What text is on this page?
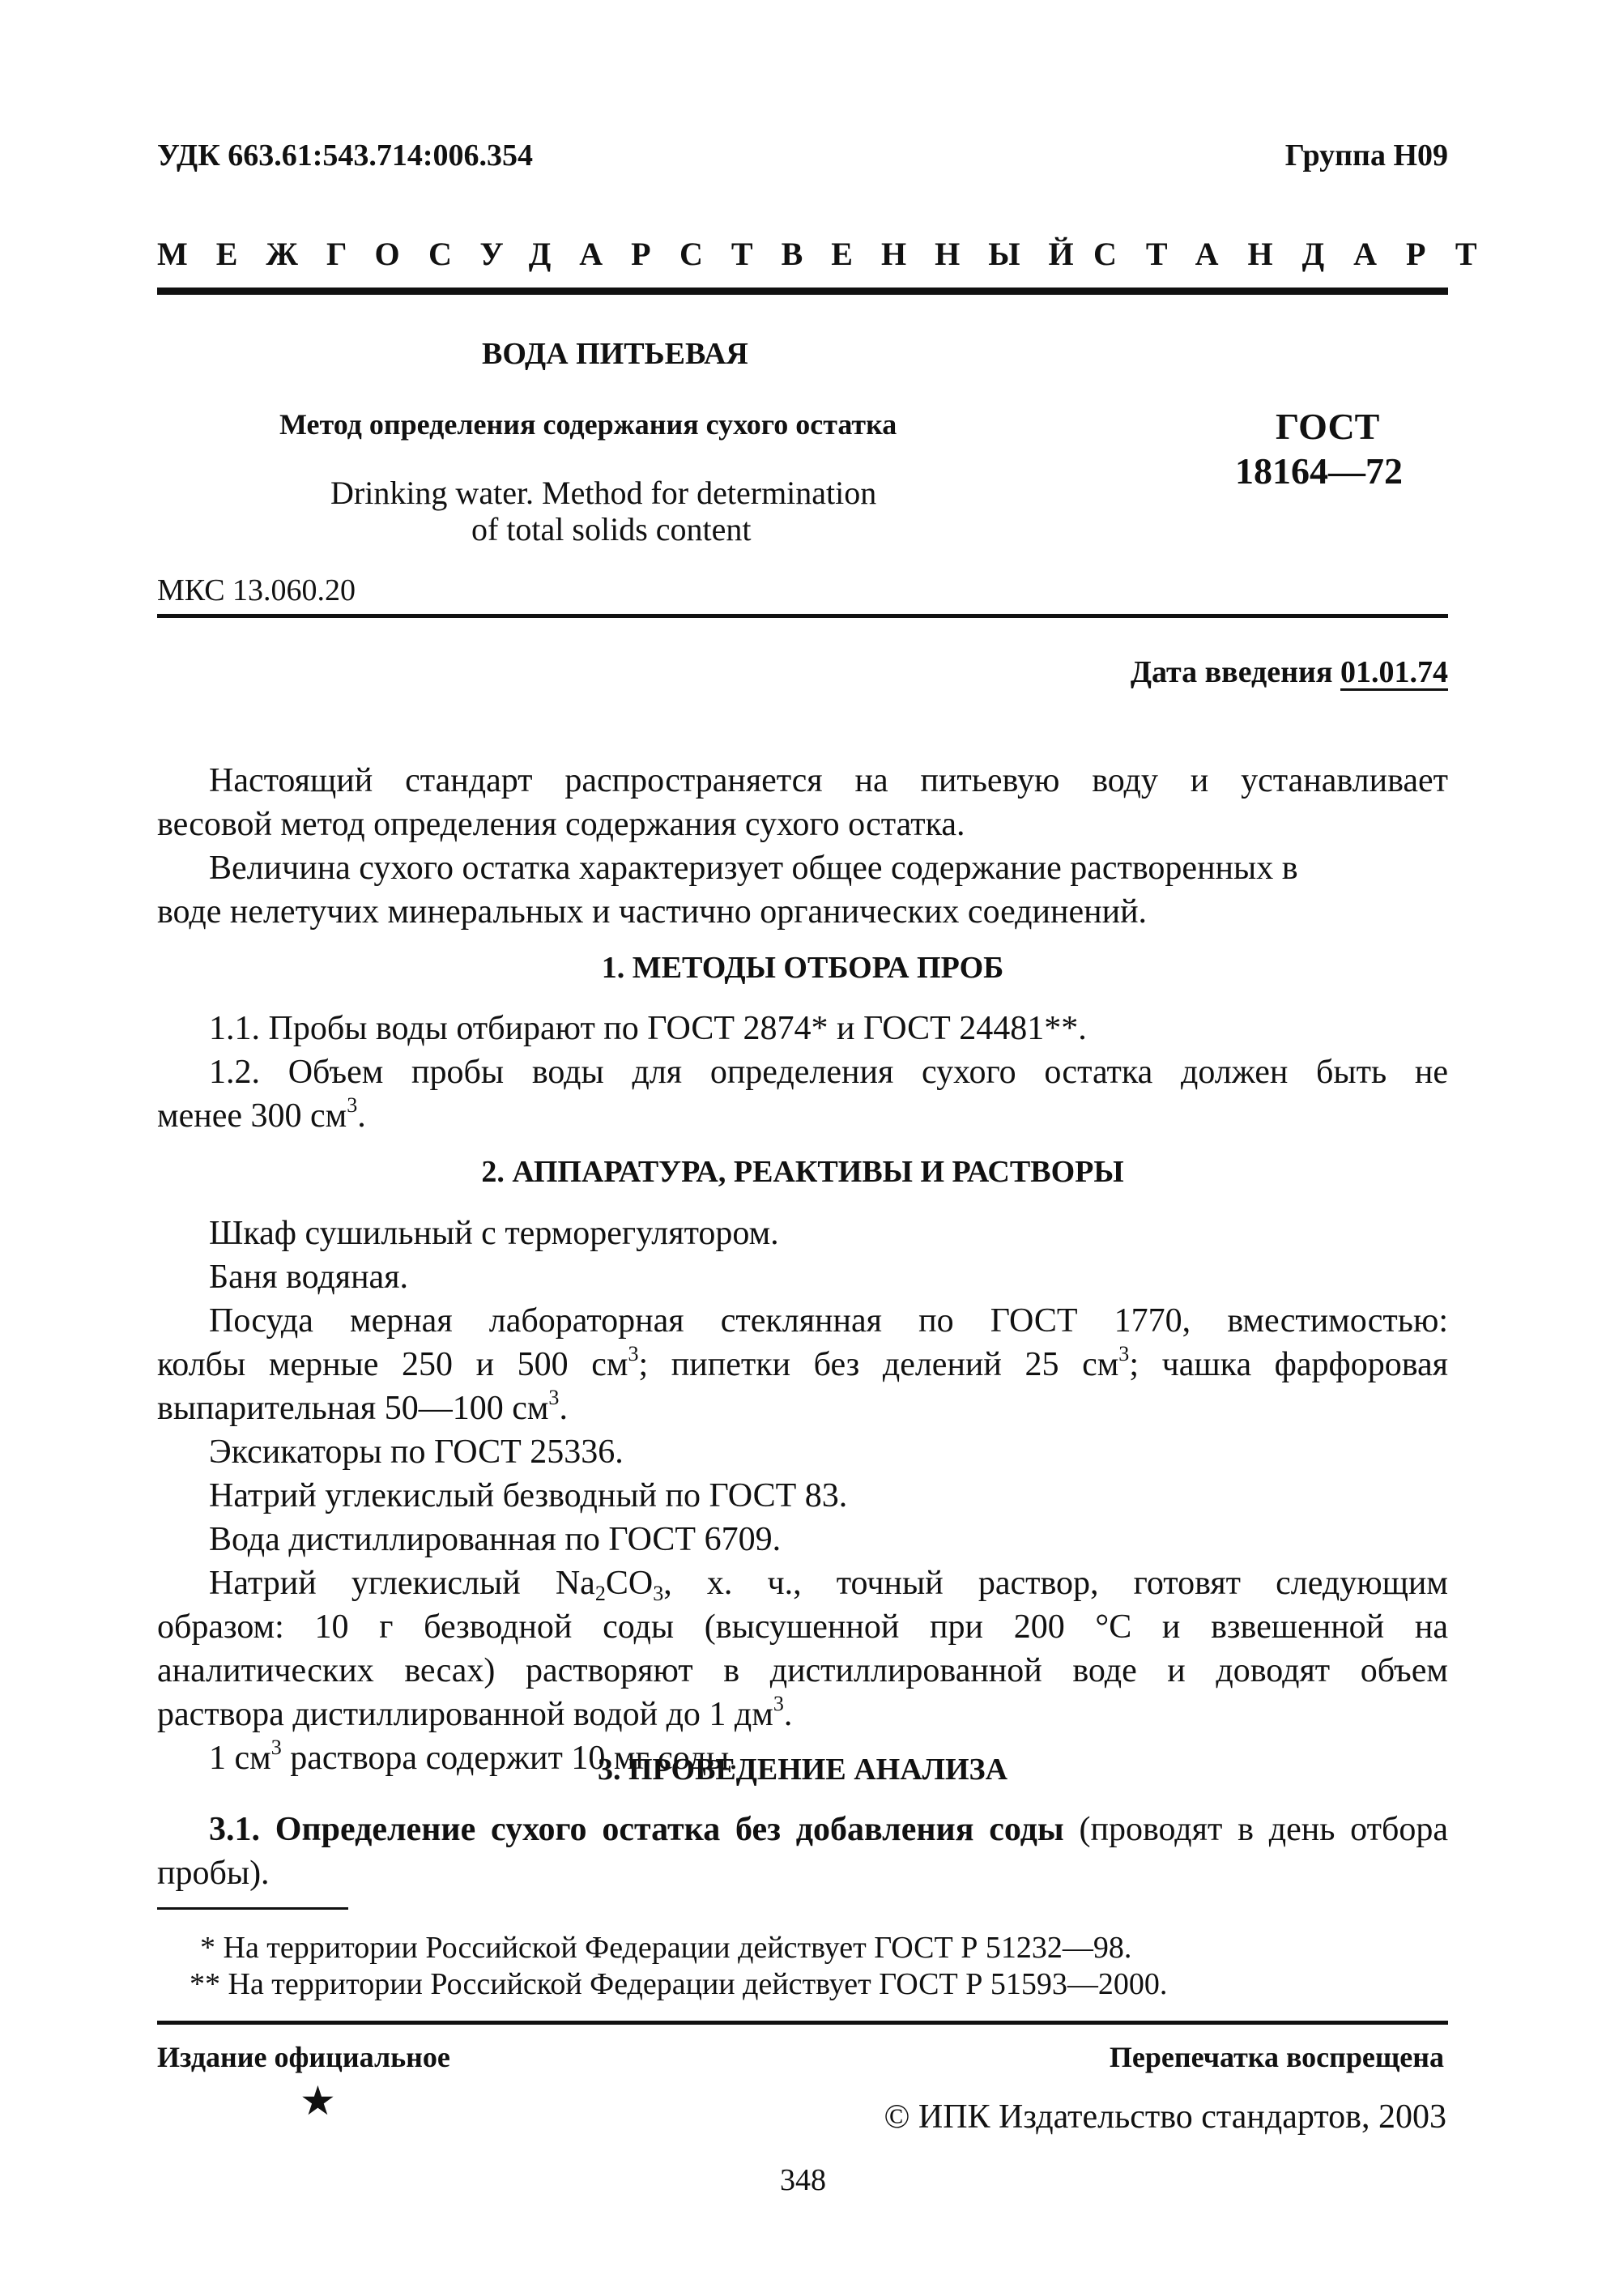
УДК 663.61:543.714:006.354	Группа Н09
МЕЖГОСУДАРСТВЕННЫЙ
СТАНДАРТ
ВОДА ПИТЬЕВАЯ
Метод определения содержания сухого остатка
Drinking water. Method for determination
of total solids content
ГОСТ
18164—72
МКС 13.060.20
Дата введения 01.01.74
Настоящий стандарт распространяется на питьевую воду и устанавливает
весовой метод определения содержания сухого остатка.
Величина сухого остатка характеризует общее содержание растворенных в
воде нелетучих минеральных и частично органических соединений.
1. МЕТОДЫ ОТБОРА ПРОБ
1.1. Пробы воды отбирают по ГОСТ 2874* и ГОСТ 24481**.
1.2. Объем пробы воды для определения сухого остатка должен быть не
менее 300 $см^3$.
2. АППАРАТУРА, РЕАКТИВЫ И РАСТВОРЫ
Шкаф сушильный с терморегулятором.
Баня водяная.
Посуда мерная лабораторная стеклянная по ГОСТ 1770, вместимостью:
колбы мерные 250 и 500 $см^3$; пипетки без делений 25 $см^3$; чашка фарфоровая
выпарительная 50—100 $см^3$.
Эксикаторы по ГОСТ 25336.
Натрий углекислый безводный по ГОСТ 83.
Вода дистиллированная по ГОСТ 6709.
Натрий углекислый $Na_2CO_3$, х. ч., точный раствор, готовят следующим
образом: 10 г безводной соды (высушенной при 200 °С и взвешенной на
аналитических весах) растворяют в дистиллированной воде и доводят объем
раствора дистиллированной водой до 1 $дм^3$.
1 $см^3$ раствора содержит 10 мг соды.
3. ПРОВЕДЕНИЕ АНАЛИЗА
3.1. Определение сухого остатка без добавления соды (проводят в день отбора
пробы).
* На территории Российской Федерации действует ГОСТ Р 51232—98.
** На территории Российской Федерации действует ГОСТ Р 51593—2000.
Издание официальное	Перепечатка воспрещена
★	© ИПК Издательство стандартов, 2003
348
